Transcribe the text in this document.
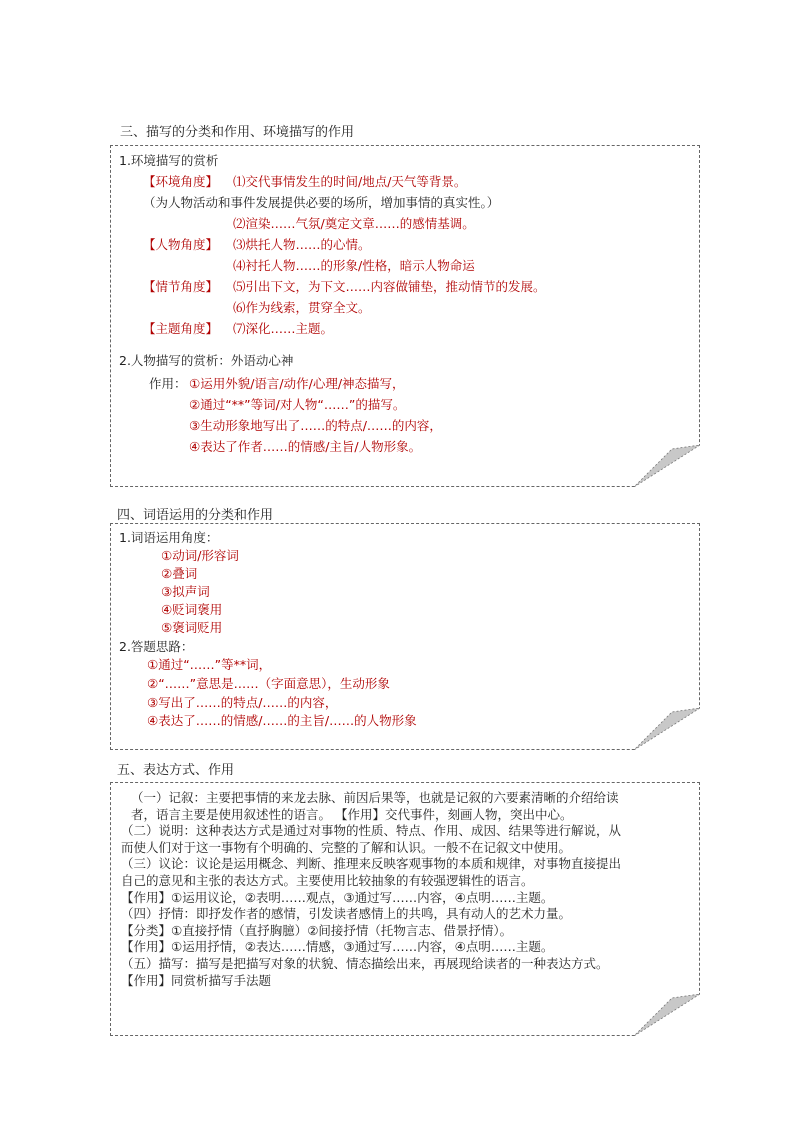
三、描写的分类和作用、环境描写的作用
1.环境描写的赏析
【环境角度】 ⑴交代事情发生的时间/地点/天气等背景。
（为人物活动和事件发展提供必要的场所，增加事情的真实性。）
⑵渲染……气氛/奠定文章……的感情基调。
【人物角度】 ⑶烘托人物……的心情。
⑷衬托人物……的形象/性格，暗示人物命运
【情节角度】 ⑸引出下文，为下文……内容做铺垫，推动情节的发展。
⑹作为线索，贯穿全文。
【主题角度】 ⑺深化……主题。
2.人物描写的赏析：外语动心神
作用： ①运用外貌/语言/动作/心理/神态描写，
②通过“**”等词/对人物“……”的描写。
③生动形象地写出了……的特点/……的内容，
④表达了作者……的情感/主旨/人物形象。
四、词语运用的分类和作用
1.词语运用角度：
①动词/形容词
②叠词
③拟声词
④贬词褒用
⑤褒词贬用
2.答题思路：
①通过“……”等**词，
②“……”意思是……（字面意思），生动形象
③写出了……的特点/……的内容，
④表达了……的情感/……的主旨/……的人物形象
五、表达方式、作用
（一）记叙：主要把事情的来龙去脉、前因后果等，也就是记叙的六要素清晰的介绍给读
者，语言主要是使用叙述性的语言。 【作用】交代事件，刻画人物，突出中心。
（二）说明：这种表达方式是通过对事物的性质、特点、作用、成因、结果等进行解说，从
而使人们对于这一事物有个明确的、完整的了解和认识。一般不在记叙文中使用。
（三）议论：议论是运用概念、判断、推理来反映客观事物的本质和规律，对事物直接提出
自己的意见和主张的表达方式。主要使用比较抽象的有较强逻辑性的语言。
【作用】①运用议论，②表明……观点，③通过写……内容，④点明……主题。
（四）抒情：即抒发作者的感情，引发读者感情上的共鸣，具有动人的艺术力量。
【分类】①直接抒情（直抒胸臆）②间接抒情（托物言志、借景抒情）。
【作用】①运用抒情，②表达……情感，③通过写……内容，④点明……主题。
（五）描写：描写是把描写对象的状貌、情态描绘出来，再展现给读者的一种表达方式。
【作用】同赏析描写手法题
